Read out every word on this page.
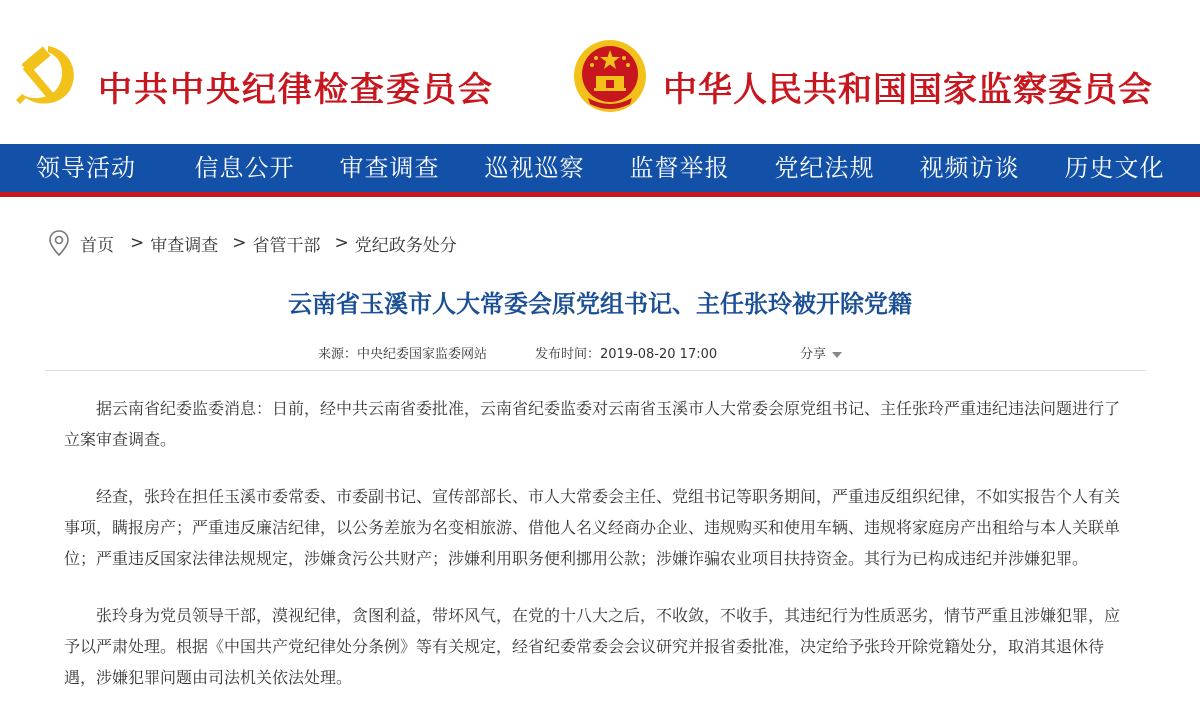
中共中央纪律检查委员会	中华人民共和国国家监察委员会
领导活动	信息公开	审查调查	巡视巡察	监督举报	党纪法规	视频访谈	历史文化
首页 > 审查调查 > 省管干部 > 党纪政务处分
云南省玉溪市人大常委会原党组书记、主任张玲被开除党籍
来源：中央纪委国家监委网站	发布时间：2019-08-20 17:00	分享

据云南省纪委监委消息：日前，经中共云南省委批准，云南省纪委监委对云南省玉溪市人大常委会原党组书记、主任张玲严重违纪违法问题进行了立案审查调查。

经查，张玲在担任玉溪市委常委、市委副书记、宣传部部长、市人大常委会主任、党组书记等职务期间，严重违反组织纪律，不如实报告个人有关事项，瞒报房产；严重违反廉洁纪律，以公务差旅为名变相旅游、借他人名义经商办企业、违规购买和使用车辆、违规将家庭房产出租给与本人关联单位；严重违反国家法律法规规定，涉嫌贪污公共财产；涉嫌利用职务便利挪用公款；涉嫌诈骗农业项目扶持资金。其行为已构成违纪并涉嫌犯罪。

张玲身为党员领导干部，漠视纪律，贪图利益，带坏风气，在党的十八大之后，不收敛，不收手，其违纪行为性质恶劣，情节严重且涉嫌犯罪，应予以严肃处理。根据《中国共产党纪律处分条例》等有关规定，经省纪委常委会会议研究并报省委批准，决定给予张玲开除党籍处分，取消其退休待遇，涉嫌犯罪问题由司法机关依法处理。
